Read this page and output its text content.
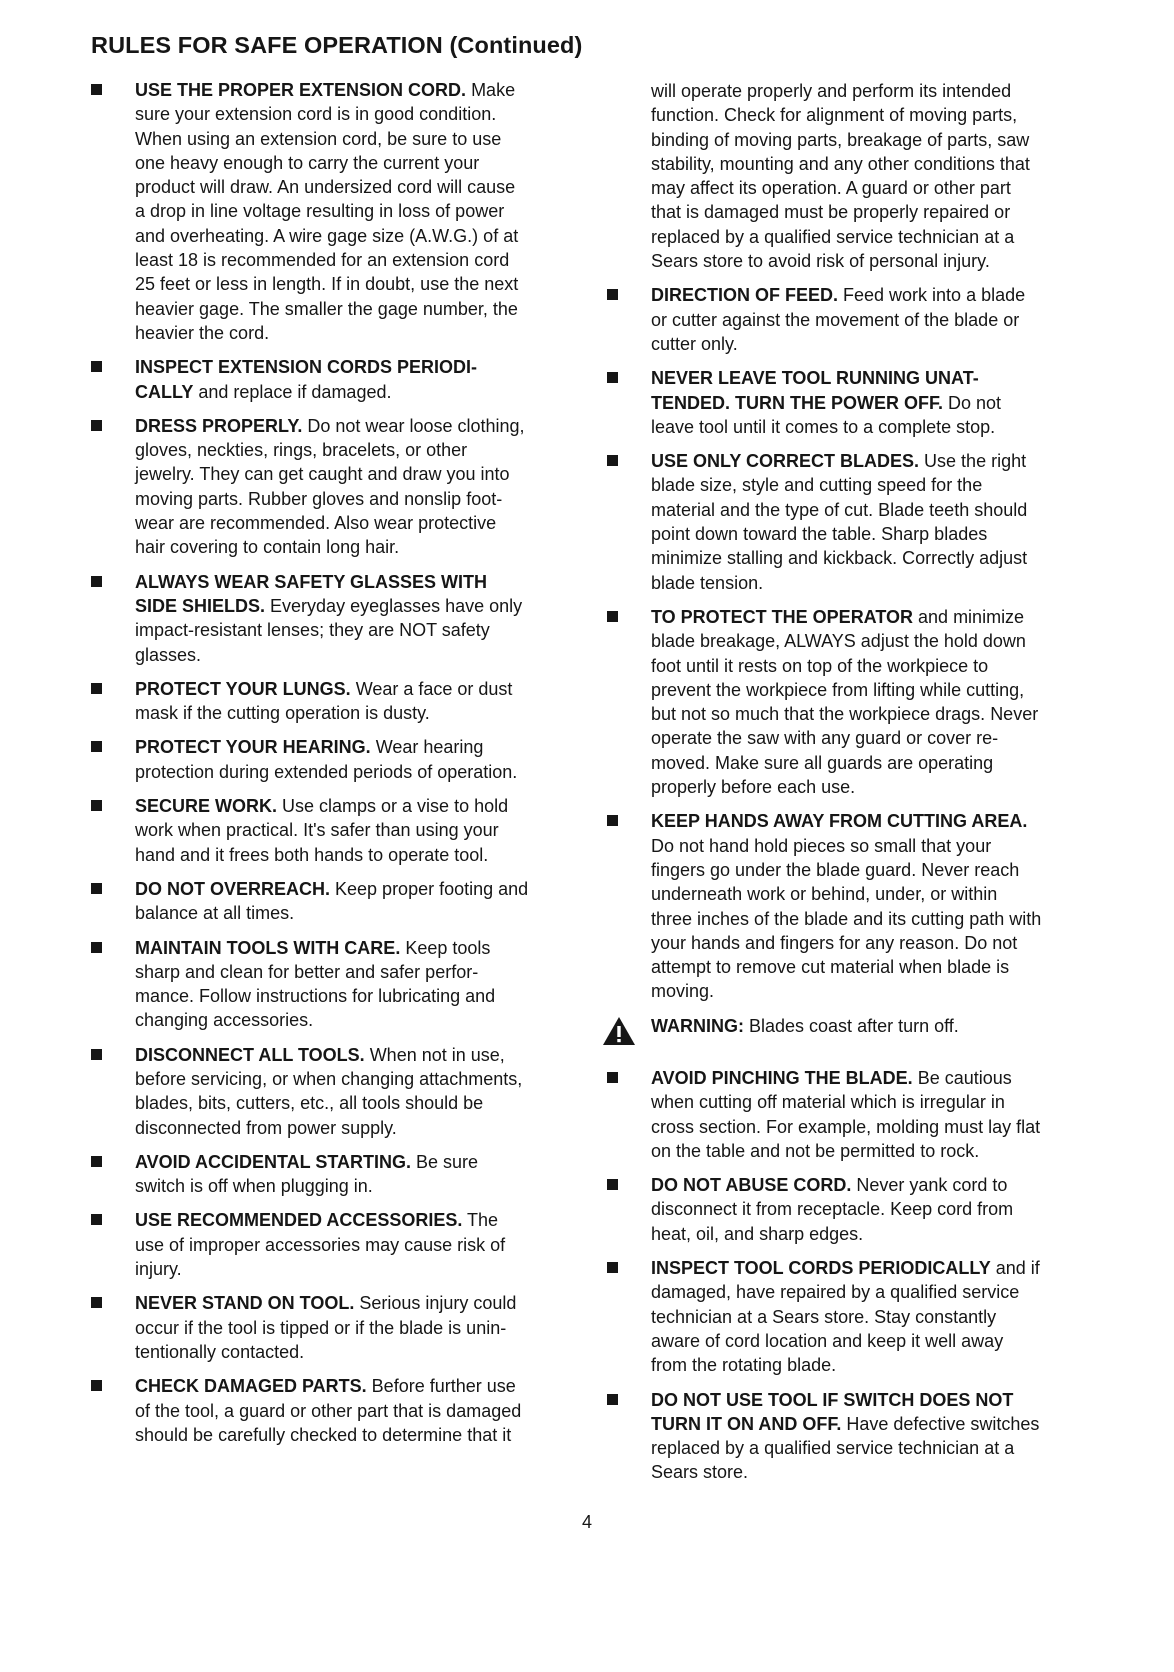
RULES FOR SAFE OPERATION (Continued)
USE THE PROPER EXTENSION CORD. Make
sure your extension cord is in good condition.
When using an extension cord, be sure to use
one heavy enough to carry the current your
product will draw. An undersized cord will cause
a drop in line voltage resulting in loss of power
and overheating. A wire gage size (A.W.G.) of at
least 18 is recommended for an extension cord
25 feet or less in length. If in doubt, use the next
heavier gage. The smaller the gage number, the
heavier the cord.
INSPECT EXTENSION CORDS PERIODI-
CALLY and replace if damaged.
DRESS PROPERLY. Do not wear loose clothing,
gloves, neckties, rings, bracelets, or other
jewelry. They can get caught and draw you into
moving parts. Rubber gloves and nonslip foot-
wear are recommended. Also wear protective
hair covering to contain long hair.
ALWAYS WEAR SAFETY GLASSES WITH
SIDE SHIELDS. Everyday eyeglasses have only
impact-resistant lenses; they are NOT safety
glasses.
PROTECT YOUR LUNGS. Wear a face or dust
mask if the cutting operation is dusty.
PROTECT YOUR HEARING. Wear hearing
protection during extended periods of operation.
SECURE WORK. Use clamps or a vise to hold
work when practical. It's safer than using your
hand and it frees both hands to operate tool.
DO NOT OVERREACH. Keep proper footing and
balance at all times.
MAINTAIN TOOLS WITH CARE. Keep tools
sharp and clean for better and safer perfor-
mance. Follow instructions for lubricating and
changing accessories.
DISCONNECT ALL TOOLS. When not in use,
before servicing, or when changing attachments,
blades, bits, cutters, etc., all tools should be
disconnected from power supply.
AVOID ACCIDENTAL STARTING. Be sure
switch is off when plugging in.
USE RECOMMENDED ACCESSORIES. The
use of improper accessories may cause risk of
injury.
NEVER STAND ON TOOL. Serious injury could
occur if the tool is tipped or if the blade is unin-
tentionally contacted.
CHECK DAMAGED PARTS. Before further use
of the tool, a guard or other part that is damaged
should be carefully checked to determine that it
will operate properly and perform its intended
function. Check for alignment of moving parts,
binding of moving parts, breakage of parts, saw
stability, mounting and any other conditions that
may affect its operation. A guard or other part
that is damaged must be properly repaired or
replaced by a qualified service technician at a
Sears store to avoid risk of personal injury.
DIRECTION OF FEED. Feed work into a blade
or cutter against the movement of the blade or
cutter only.
NEVER LEAVE TOOL RUNNING UNAT-
TENDED. TURN THE POWER OFF. Do not
leave tool until it comes to a complete stop.
USE ONLY CORRECT BLADES. Use the right
blade size, style and cutting speed for the
material and the type of cut. Blade teeth should
point down toward the table. Sharp blades
minimize stalling and kickback. Correctly adjust
blade tension.
TO PROTECT THE OPERATOR and minimize
blade breakage, ALWAYS adjust the hold down
foot until it rests on top of the workpiece to
prevent the workpiece from lifting while cutting,
but not so much that the workpiece drags. Never
operate the saw with any guard or cover re-
moved. Make sure all guards are operating
properly before each use.
KEEP HANDS AWAY FROM CUTTING AREA.
Do not hand hold pieces so small that your
fingers go under the blade guard. Never reach
underneath work or behind, under, or within
three inches of the blade and its cutting path with
your hands and fingers for any reason. Do not
attempt to remove cut material when blade is
moving.
WARNING: Blades coast after turn off.
AVOID PINCHING THE BLADE. Be cautious
when cutting off material which is irregular in
cross section. For example, molding must lay flat
on the table and not be permitted to rock.
DO NOT ABUSE CORD. Never yank cord to
disconnect it from receptacle. Keep cord from
heat, oil, and sharp edges.
INSPECT TOOL CORDS PERIODICALLY and if
damaged, have repaired by a qualified service
technician at a Sears store. Stay constantly
aware of cord location and keep it well away
from the rotating blade.
DO NOT USE TOOL IF SWITCH DOES NOT
TURN IT ON AND OFF. Have defective switches
replaced by a qualified service technician at a
Sears store.
4
